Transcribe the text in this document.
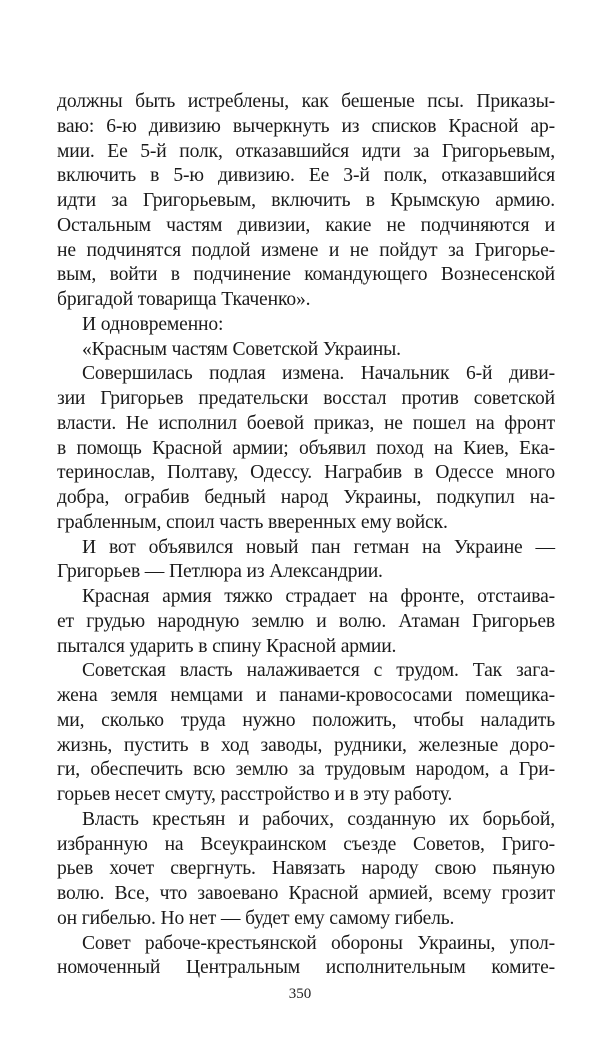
должны быть истреблены, как бешеные псы. Приказы-
ваю: 6-ю дивизию вычеркнуть из списков Красной ар-
мии. Ее 5-й полк, отказавшийся идти за Григорьевым,
включить в 5-ю дивизию. Ее 3-й полк, отказавшийся
идти за Григорьевым, включить в Крымскую армию.
Остальным частям дивизии, какие не подчиняются и
не подчинятся подлой измене и не пойдут за Григорье-
вым, войти в подчинение командующего Вознесенской
бригадой товарища Ткаченко».
И одновременно:
«Красным частям Советской Украины.
Совершилась подлая измена. Начальник 6-й диви-
зии Григорьев предательски восстал против советской
власти. Не исполнил боевой приказ, не пошел на фронт
в помощь Красной армии; объявил поход на Киев, Ека-
теринослав, Полтаву, Одессу. Награбив в Одессе много
добра, ограбив бедный народ Украины, подкупил на-
грабленным, споил часть вверенных ему войск.
И вот объявился новый пан гетман на Украине —
Григорьев — Петлюра из Александрии.
Красная армия тяжко страдает на фронте, отстаива-
ет грудью народную землю и волю. Атаман Григорьев
пытался ударить в спину Красной армии.
Советская власть налаживается с трудом. Так зага-
жена земля немцами и панами-кровососами помещика-
ми, сколько труда нужно положить, чтобы наладить
жизнь, пустить в ход заводы, рудники, железные доро-
ги, обеспечить всю землю за трудовым народом, а Гри-
горьев несет смуту, расстройство и в эту работу.
Власть крестьян и рабочих, созданную их борьбой,
избранную на Всеукраинском съезде Советов, Григо-
рьев хочет свергнуть. Навязать народу свою пьяную
волю. Все, что завоевано Красной армией, всему грозит
он гибелью. Но нет — будет ему самому гибель.
Совет рабоче-крестьянской обороны Украины, упол-
номоченный Центральным исполнительным комите-
350
